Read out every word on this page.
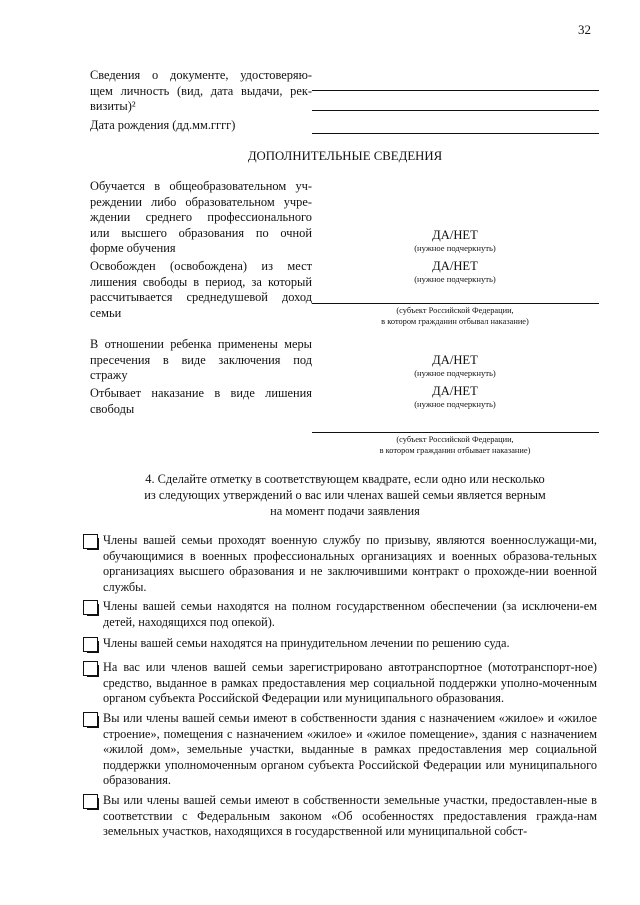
32
Сведения о документе, удостоверяю-
щем личность (вид, дата выдачи, рек-
визиты)²
Дата рождения (дд.мм.гггг)
ДОПОЛНИТЕЛЬНЫЕ СВЕДЕНИЯ
Обучается в общеобразовательном уч-
реждении либо образовательном учре-
ждении среднего профессионального
или высшего образования по очной
форме обучения
ДА/НЕТ
(нужное подчеркнуть)
Освобожден (освобождена) из мест
лишения свободы в период, за который
рассчитывается среднедушевой доход
семьи
ДА/НЕТ
(нужное подчеркнуть)
(субъект Российской Федерации,
в котором гражданин отбывал наказание)
В отношении ребенка применены меры
пресечения в виде заключения под
стражу
ДА/НЕТ
(нужное подчеркнуть)
Отбывает наказание в виде лишения
свободы
ДА/НЕТ
(нужное подчеркнуть)
(субъект Российской Федерации,
в котором гражданин отбывает наказание)
4. Сделайте отметку в соответствующем квадрате, если одно или несколько
из следующих утверждений о вас или членах вашей семьи является верным
на момент подачи заявления
Члены вашей семьи проходят военную службу по призыву, являются военнослужащи-ми, обучающимися в военных профессиональных организациях и военных образова-тельных организациях высшего образования и не заключившими контракт о прохожде-нии военной службы.
Члены вашей семьи находятся на полном государственном обеспечении (за исключени-ем детей, находящихся под опекой).
Члены вашей семьи находятся на принудительном лечении по решению суда.
На вас или членов вашей семьи зарегистрировано автотранспортное (мототранспорт-ное) средство, выданное в рамках предоставления мер социальной поддержки уполно-моченным органом субъекта Российской Федерации или муниципального образования.
Вы или члены вашей семьи имеют в собственности здания с назначением «жилое» и «жилое строение», помещения с назначением «жилое» и «жилое помещение», здания с назначением «жилой дом», земельные участки, выданные в рамках предоставления мер социальной поддержки уполномоченным органом субъекта Российской Федерации или муниципального образования.
Вы или члены вашей семьи имеют в собственности земельные участки, предоставлен-ные в соответствии с Федеральным законом «Об особенностях предоставления гражда-нам земельных участков, находящихся в государственной или муниципальной собст-
